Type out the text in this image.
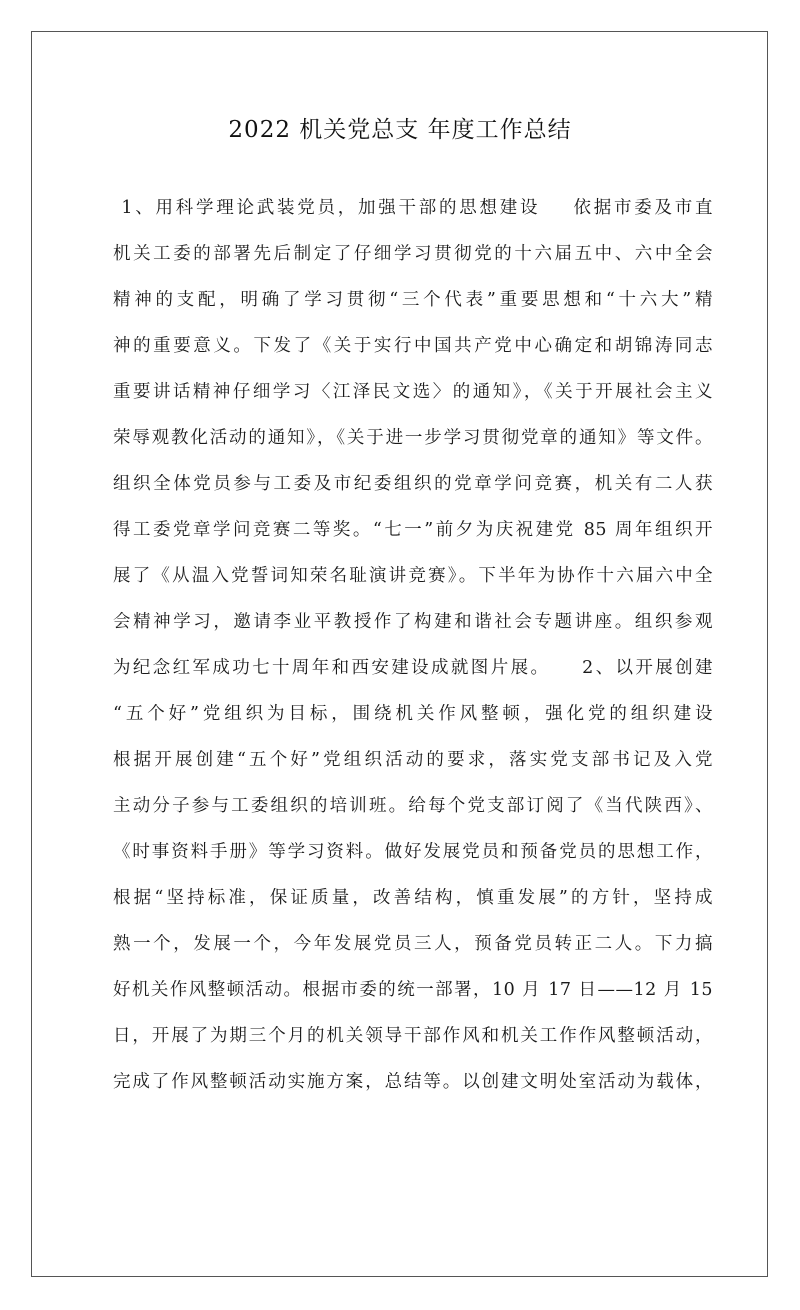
2022 机关党总支 年度工作总结
1、用科学理论武装党员，加强干部的思想建设    依据市委及市直
机关工委的部署先后制定了仔细学习贯彻党的十六届五中、六中全会
精神的支配，明确了学习贯彻“三个代表”重要思想和“十六大”精
神的重要意义。下发了《关于实行中国共产党中心确定和胡锦涛同志
重要讲话精神仔细学习〈江泽民文选〉的通知》，《关于开展社会主义
荣辱观教化活动的通知》，《关于进一步学习贯彻党章的通知》等文件。
组织全体党员参与工委及市纪委组织的党章学问竞赛，机关有二人获
得工委党章学问竞赛二等奖。“七一”前夕为庆祝建党 85 周年组织开
展了《从温入党誓词知荣名耻演讲竞赛》。下半年为协作十六届六中全
会精神学习，邀请李业平教授作了构建和谐社会专题讲座。组织参观
为纪念红军成功七十周年和西安建设成就图片展。    2、以开展创建
“五个好”党组织为目标，围绕机关作风整顿，强化党的组织建设
根据开展创建“五个好”党组织活动的要求，落实党支部书记及入党
主动分子参与工委组织的培训班。给每个党支部订阅了《当代陕西》、
《时事资料手册》等学习资料。做好发展党员和预备党员的思想工作，
根据“坚持标准，保证质量，改善结构，慎重发展”的方针，坚持成
熟一个，发展一个，今年发展党员三人，预备党员转正二人。下力搞
好机关作风整顿活动。根据市委的统一部署，10 月 17 日——12 月 15
日，开展了为期三个月的机关领导干部作风和机关工作作风整顿活动，
完成了作风整顿活动实施方案，总结等。以创建文明处室活动为载体，
